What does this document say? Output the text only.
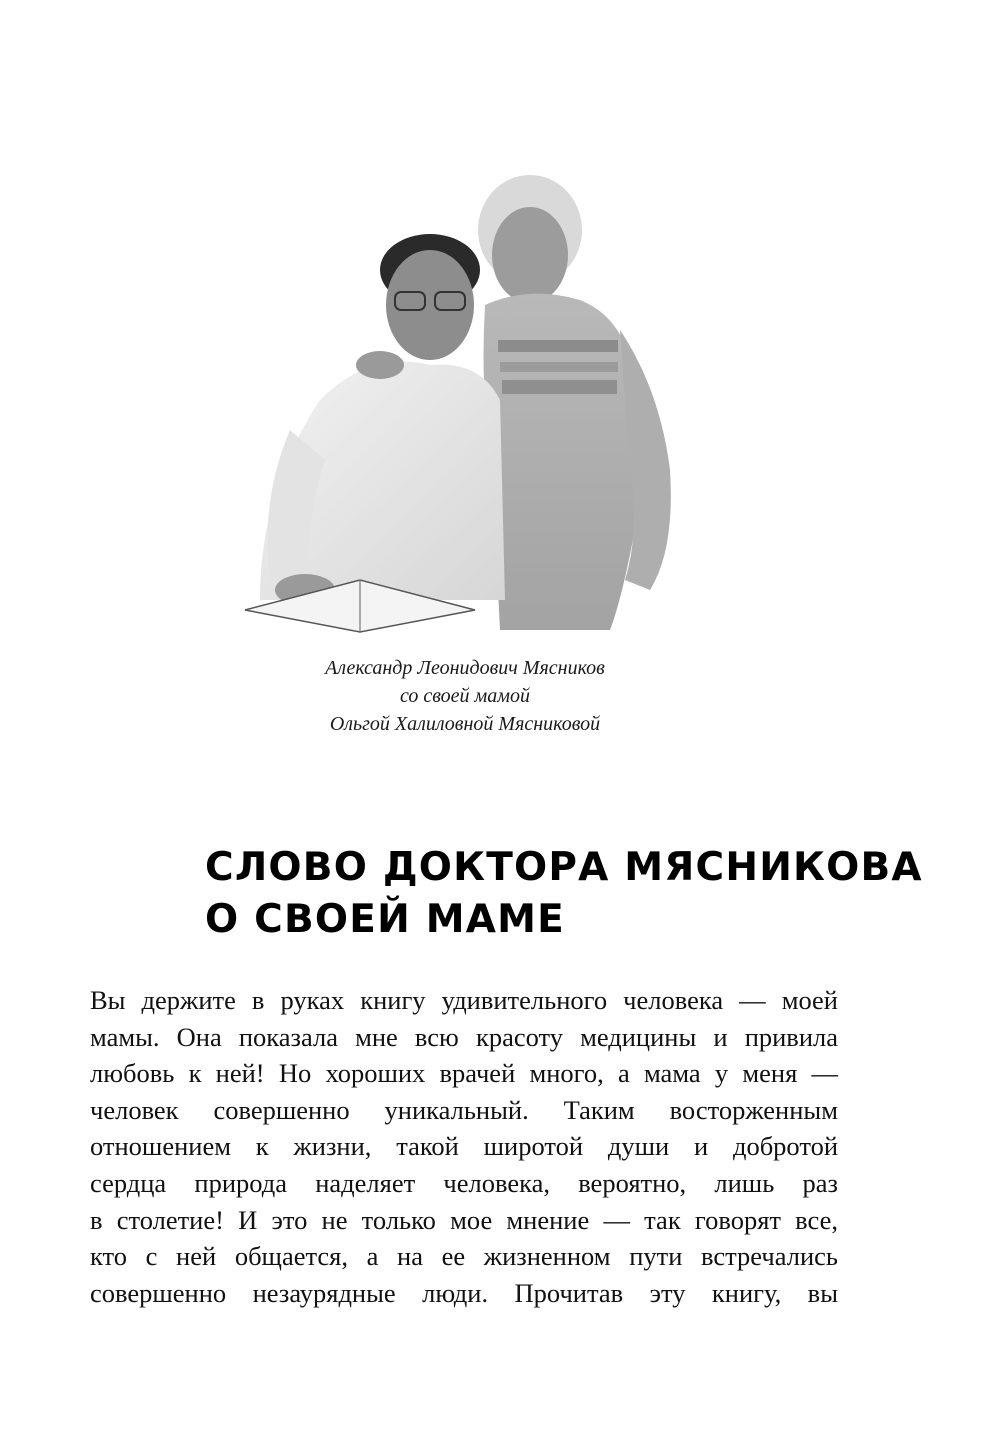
Александр Леонидович Мясников
со своей мамой
Ольгой Халиловной Мясниковой
СЛОВО ДОКТОРА МЯСНИКОВА
О СВОЕЙ МАМЕ
Вы держите в руках книгу удивительного человека — моей
мамы. Она показала мне всю красоту медицины и привила
любовь к ней! Но хороших врачей много, а мама у меня —
человек совершенно уникальный. Таким восторженным
отношением к жизни, такой широтой души и добротой
сердца природа наделяет человека, вероятно, лишь раз
в столетие! И это не только мое мнение — так говорят все,
кто с ней общается, а на ее жизненном пути встречались
совершенно незаурядные люди. Прочитав эту книгу, вы
